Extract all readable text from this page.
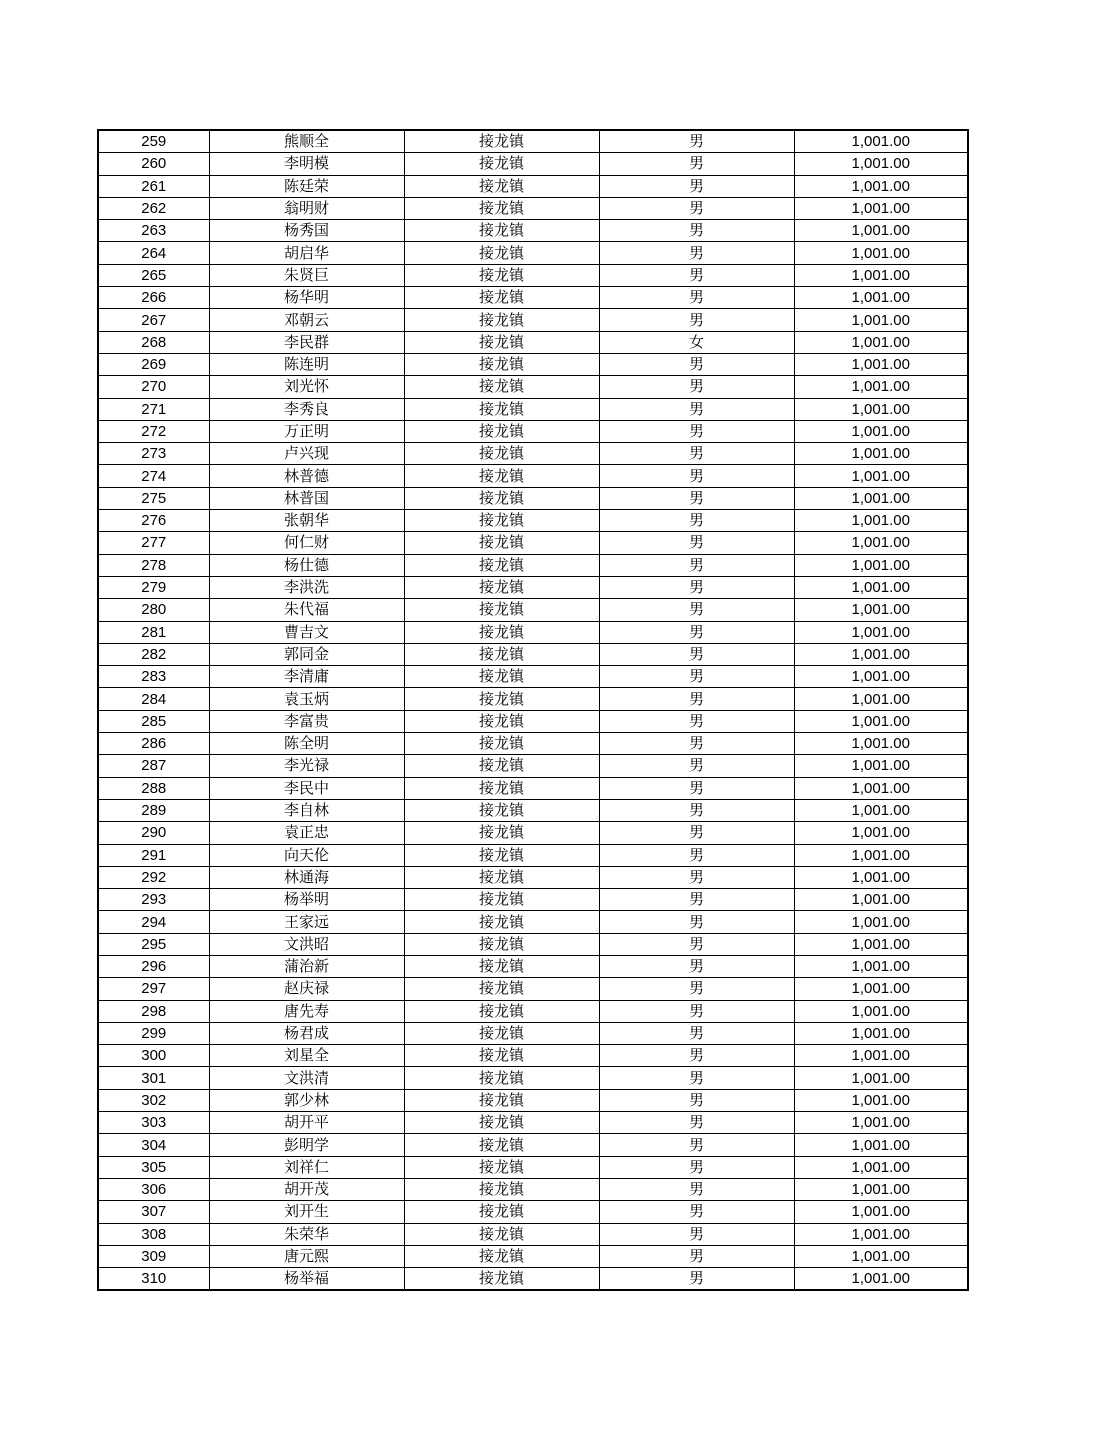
259	熊顺全	接龙镇	男	1,001.00
260	李明模	接龙镇	男	1,001.00
261	陈廷荣	接龙镇	男	1,001.00
262	翁明财	接龙镇	男	1,001.00
263	杨秀国	接龙镇	男	1,001.00
264	胡启华	接龙镇	男	1,001.00
265	朱贤巨	接龙镇	男	1,001.00
266	杨华明	接龙镇	男	1,001.00
267	邓朝云	接龙镇	男	1,001.00
268	李民群	接龙镇	女	1,001.00
269	陈连明	接龙镇	男	1,001.00
270	刘光怀	接龙镇	男	1,001.00
271	李秀良	接龙镇	男	1,001.00
272	万正明	接龙镇	男	1,001.00
273	卢兴现	接龙镇	男	1,001.00
274	林普德	接龙镇	男	1,001.00
275	林普国	接龙镇	男	1,001.00
276	张朝华	接龙镇	男	1,001.00
277	何仁财	接龙镇	男	1,001.00
278	杨仕德	接龙镇	男	1,001.00
279	李洪洗	接龙镇	男	1,001.00
280	朱代福	接龙镇	男	1,001.00
281	曹吉文	接龙镇	男	1,001.00
282	郭同金	接龙镇	男	1,001.00
283	李清庸	接龙镇	男	1,001.00
284	袁玉炳	接龙镇	男	1,001.00
285	李富贵	接龙镇	男	1,001.00
286	陈全明	接龙镇	男	1,001.00
287	李光禄	接龙镇	男	1,001.00
288	李民中	接龙镇	男	1,001.00
289	李自林	接龙镇	男	1,001.00
290	袁正忠	接龙镇	男	1,001.00
291	向天伦	接龙镇	男	1,001.00
292	林通海	接龙镇	男	1,001.00
293	杨举明	接龙镇	男	1,001.00
294	王家远	接龙镇	男	1,001.00
295	文洪昭	接龙镇	男	1,001.00
296	蒲治新	接龙镇	男	1,001.00
297	赵庆禄	接龙镇	男	1,001.00
298	唐先寿	接龙镇	男	1,001.00
299	杨君成	接龙镇	男	1,001.00
300	刘星全	接龙镇	男	1,001.00
301	文洪清	接龙镇	男	1,001.00
302	郭少林	接龙镇	男	1,001.00
303	胡开平	接龙镇	男	1,001.00
304	彭明学	接龙镇	男	1,001.00
305	刘祥仁	接龙镇	男	1,001.00
306	胡开茂	接龙镇	男	1,001.00
307	刘开生	接龙镇	男	1,001.00
308	朱荣华	接龙镇	男	1,001.00
309	唐元熙	接龙镇	男	1,001.00
310	杨举福	接龙镇	男	1,001.00
